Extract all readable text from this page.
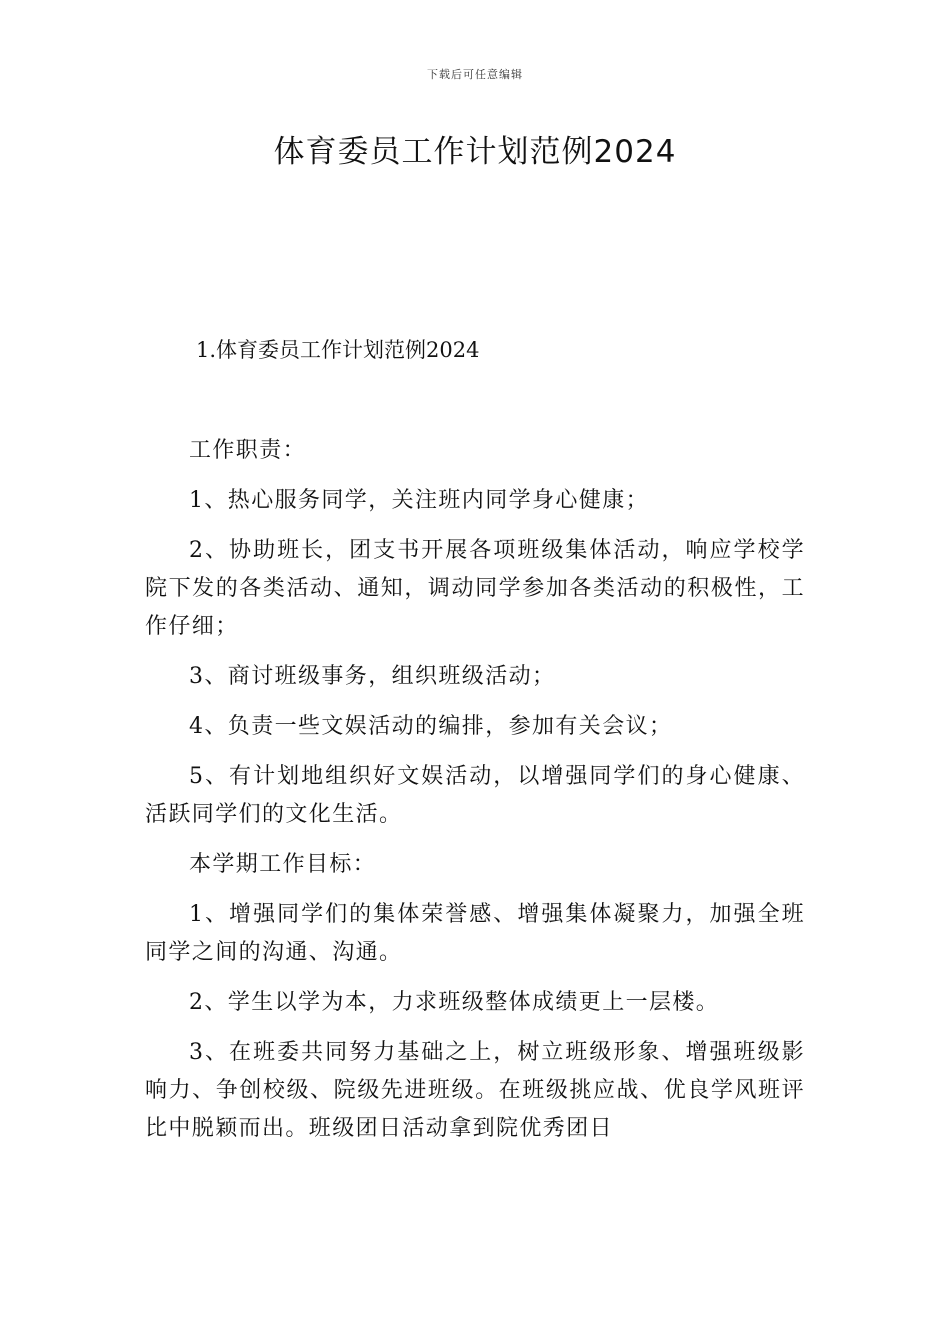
下载后可任意编辑
体育委员工作计划范例2024
1.体育委员工作计划范例2024

工作职责：

1、热心服务同学，关注班内同学身心健康；

2、协助班长，团支书开展各项班级集体活动，响应学校学院下发的各类活动、通知，调动同学参加各类活动的积极性，工作仔细；

3、商讨班级事务，组织班级活动；

4、负责一些文娱活动的编排，参加有关会议；

5、有计划地组织好文娱活动，以增强同学们的身心健康、活跃同学们的文化生活。

本学期工作目标：

1、增强同学们的集体荣誉感、增强集体凝聚力，加强全班同学之间的沟通、沟通。

2、学生以学为本，力求班级整体成绩更上一层楼。

3、在班委共同努力基础之上，树立班级形象、增强班级影响力、争创校级、院级先进班级。在班级挑应战、优良学风班评比中脱颖而出。班级团日活动拿到院优秀团日
